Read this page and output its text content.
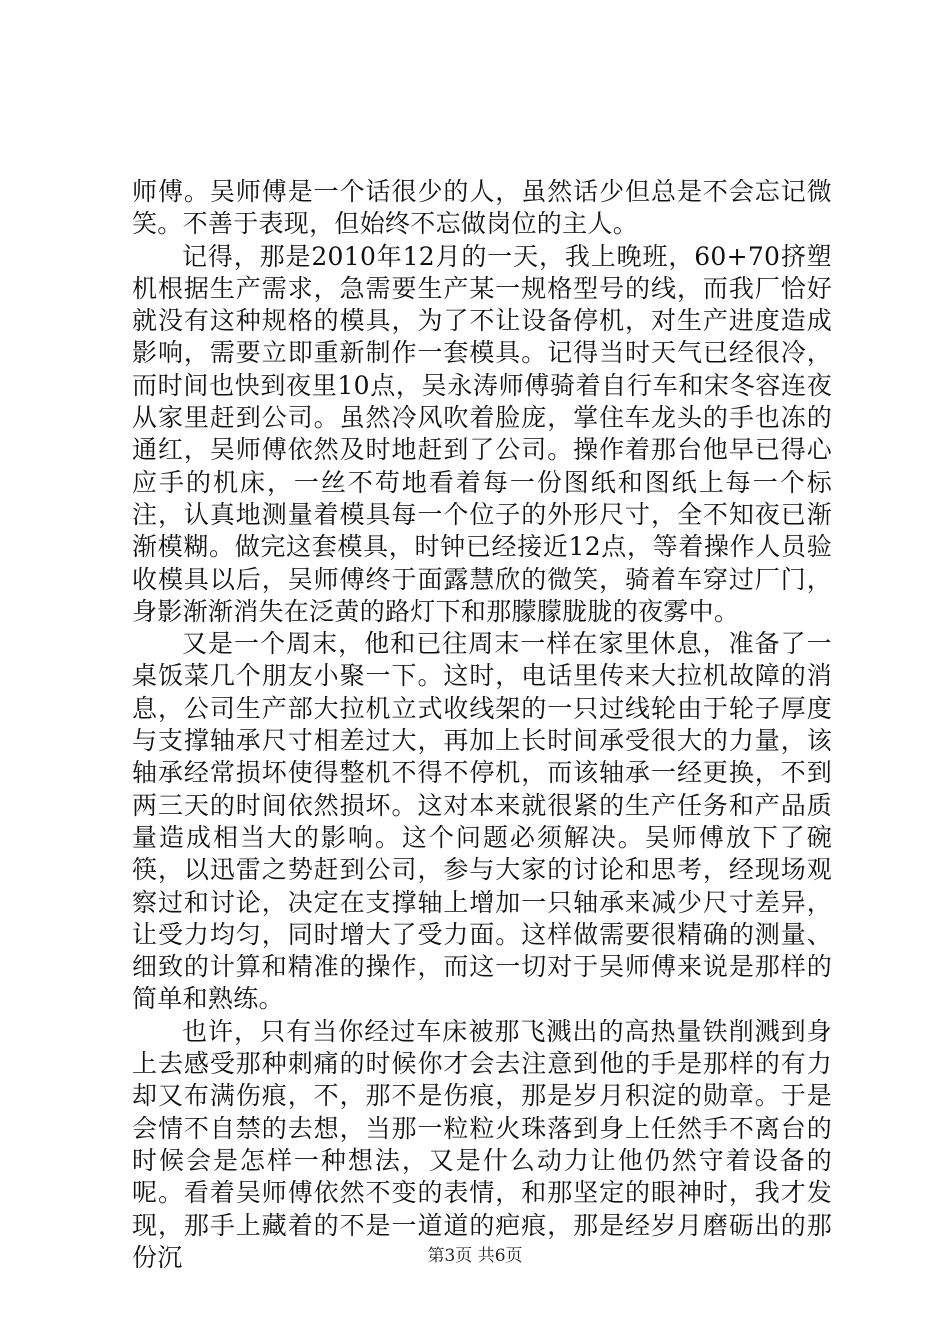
师傅。吴师傅是一个话很少的人，虽然话少但总是不会忘记微笑。不善于表现，但始终不忘做岗位的主人。

记得，那是2010年12月的一天，我上晚班，60+70挤塑机根据生产需求，急需要生产某一规格型号的线，而我厂恰好就没有这种规格的模具，为了不让设备停机，对生产进度造成影响，需要立即重新制作一套模具。记得当时天气已经很冷，而时间也快到夜里10点，吴永涛师傅骑着自行车和宋冬容连夜从家里赶到公司。虽然冷风吹着脸庞，掌住车龙头的手也冻的通红，吴师傅依然及时地赶到了公司。操作着那台他早已得心应手的机床，一丝不苟地看着每一份图纸和图纸上每一个标注，认真地测量着模具每一个位子的外形尺寸，全不知夜已渐渐模糊。做完这套模具，时钟已经接近12点，等着操作人员验收模具以后，吴师傅终于面露慧欣的微笑，骑着车穿过厂门，身影渐渐消失在泛黄的路灯下和那朦朦胧胧的夜雾中。

又是一个周末，他和已往周末一样在家里休息，准备了一桌饭菜几个朋友小聚一下。这时，电话里传来大拉机故障的消息，公司生产部大拉机立式收线架的一只过线轮由于轮子厚度与支撑轴承尺寸相差过大，再加上长时间承受很大的力量，该轴承经常损坏使得整机不得不停机，而该轴承一经更换，不到两三天的时间依然损坏。这对本来就很紧的生产任务和产品质量造成相当大的影响。这个问题必须解决。吴师傅放下了碗筷，以迅雷之势赶到公司，参与大家的讨论和思考，经现场观察过和讨论，决定在支撑轴上增加一只轴承来减少尺寸差异，让受力均匀，同时增大了受力面。这样做需要很精确的测量、细致的计算和精准的操作，而这一切对于吴师傅来说是那样的简单和熟练。

也许，只有当你经过车床被那飞溅出的高热量铁削溅到身上去感受那种刺痛的时候你才会去注意到他的手是那样的有力却又布满伤痕，不，那不是伤痕，那是岁月积淀的勋章。于是会情不自禁的去想，当那一粒粒火珠落到身上任然手不离台的时候会是怎样一种想法，又是什么动力让他仍然守着设备的呢。看着吴师傅依然不变的表情，和那坚定的眼神时，我才发现，那手上藏着的不是一道道的疤痕，那是经岁月磨砺出的那份沉	第3页 共6页
